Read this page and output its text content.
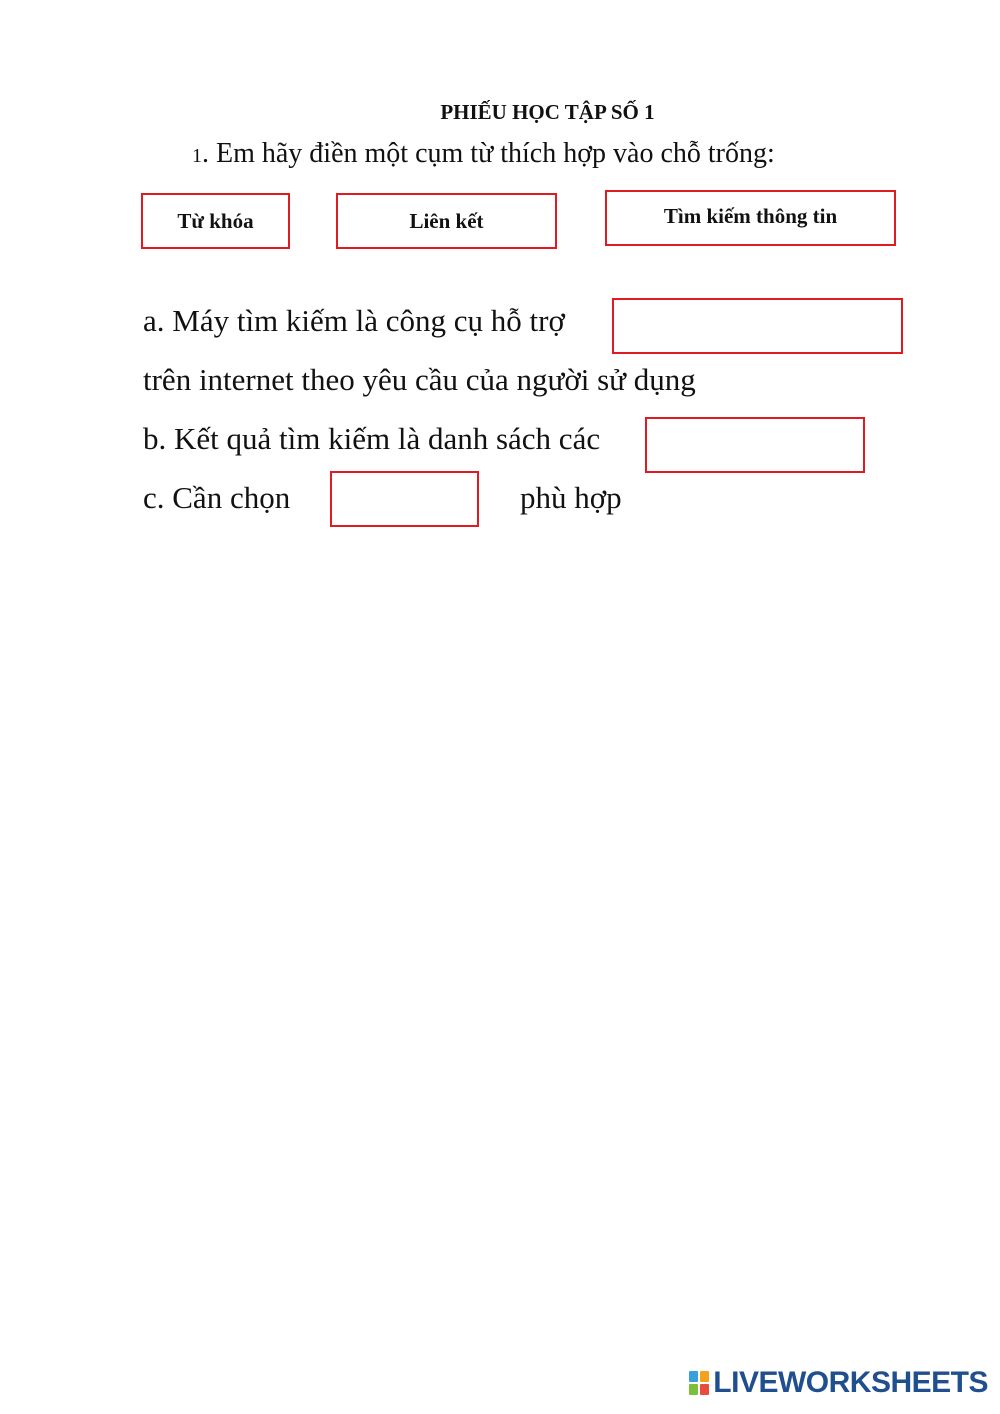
PHIẾU HỌC TẬP SỐ 1
1. Em hãy điền một cụm từ thích hợp vào chỗ trống:
Từ khóa	Liên kết	Tìm kiếm thông tin
a. Máy tìm kiếm là công cụ hỗ trợ
trên internet theo yêu cầu của người sử dụng
b. Kết quả tìm kiếm là danh sách các
c. Cần chọn	phù hợp
LIVEWORKSHEETS
